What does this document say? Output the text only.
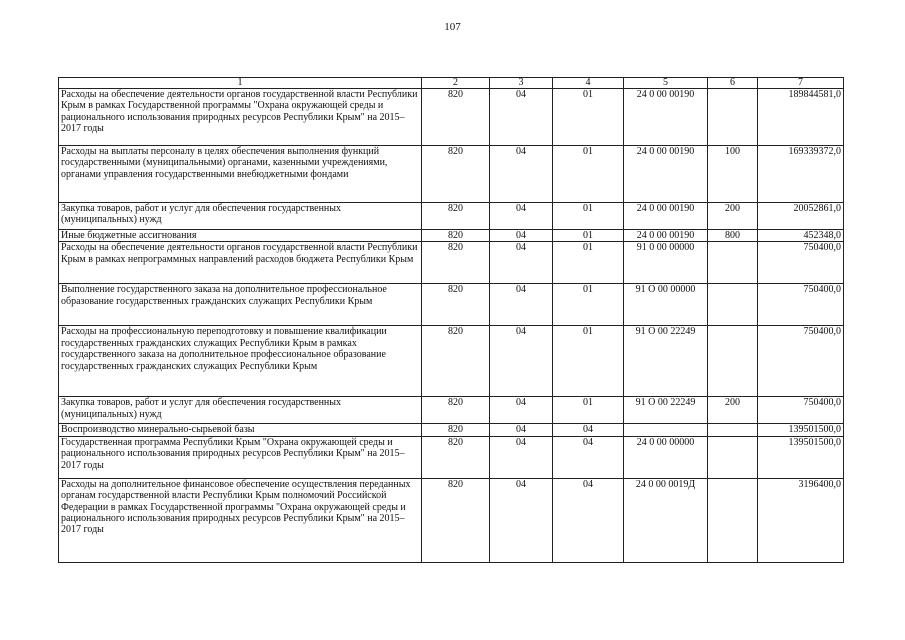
107
1	2	3	4	5	6	7
Расходы на обеспечение деятельности органов государственной власти Республики Крым в рамках Государственной программы "Охрана окружающей среды и рационального использования природных ресурсов Республики Крым" на 2015–2017 годы	820	04	01	24 0 00 00190		189844581,0
Расходы на выплаты персоналу в целях обеспечения выполнения функций государственными (муниципальными) органами, казенными учреждениями, органами управления государственными внебюджетными фондами	820	04	01	24 0 00 00190	100	169339372,0
Закупка товаров, работ и услуг для обеспечения государственных (муниципальных) нужд	820	04	01	24 0 00 00190	200	20052861,0
Иные бюджетные ассигнования	820	04	01	24 0 00 00190	800	452348,0
Расходы на обеспечение деятельности органов государственной власти Республики Крым в рамках непрограммных направлений расходов бюджета Республики Крым	820	04	01	91 0 00 00000		750400,0
Выполнение государственного заказа на дополнительное профессиональное образование государственных гражданских служащих Республики Крым	820	04	01	91 О 00 00000		750400,0
Расходы на профессиональную переподготовку и повышение квалификации государственных гражданских служащих Республики Крым в рамках государственного заказа на дополнительное профессиональное образование государственных гражданских служащих Республики Крым	820	04	01	91 О 00 22249		750400,0
Закупка товаров, работ и услуг для обеспечения государственных (муниципальных) нужд	820	04	01	91 О 00 22249	200	750400,0
Воспроизводство минерально-сырьевой базы	820	04	04			139501500,0
Государственная программа Республики Крым "Охрана окружающей среды и рационального использования природных ресурсов Республики Крым" на 2015–2017 годы	820	04	04	24 0 00 00000		139501500,0
Расходы на дополнительное финансовое обеспечение осуществления переданных органам государственной власти Республики Крым полномочий Российской Федерации в рамках Государственной программы "Охрана окружающей среды и рационального использования природных ресурсов Республики Крым" на 2015–2017 годы	820	04	04	24 0 00 0019Д		3196400,0
